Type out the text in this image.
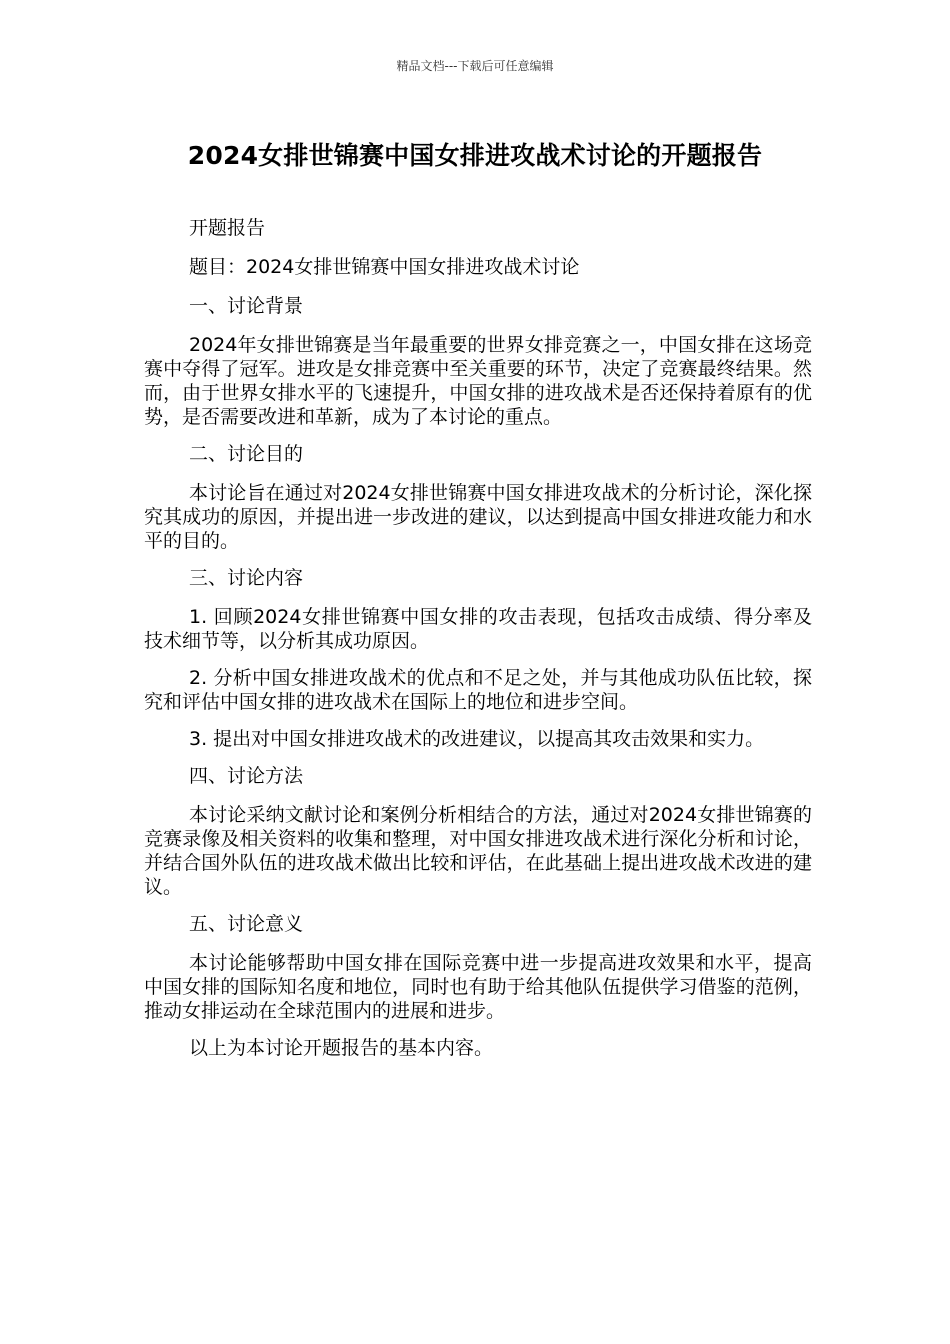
精品文档---下载后可任意编辑
2024女排世锦赛中国女排进攻战术讨论的开题报告

开题报告

题目：2024女排世锦赛中国女排进攻战术讨论

一、讨论背景

2024年女排世锦赛是当年最重要的世界女排竞赛之一，中国女排在这场竞赛中夺得了冠军。进攻是女排竞赛中至关重要的环节，决定了竞赛最终结果。然而，由于世界女排水平的飞速提升，中国女排的进攻战术是否还保持着原有的优势，是否需要改进和革新，成为了本讨论的重点。

二、讨论目的

本讨论旨在通过对2024女排世锦赛中国女排进攻战术的分析讨论，深化探究其成功的原因，并提出进一步改进的建议，以达到提高中国女排进攻能力和水平的目的。

三、讨论内容

1. 回顾2024女排世锦赛中国女排的攻击表现，包括攻击成绩、得分率及技术细节等，以分析其成功原因。

2. 分析中国女排进攻战术的优点和不足之处，并与其他成功队伍比较，探究和评估中国女排的进攻战术在国际上的地位和进步空间。

3. 提出对中国女排进攻战术的改进建议，以提高其攻击效果和实力。

四、讨论方法

本讨论采纳文献讨论和案例分析相结合的方法，通过对2024女排世锦赛的竞赛录像及相关资料的收集和整理，对中国女排进攻战术进行深化分析和讨论，并结合国外队伍的进攻战术做出比较和评估，在此基础上提出进攻战术改进的建议。

五、讨论意义

本讨论能够帮助中国女排在国际竞赛中进一步提高进攻效果和水平，提高中国女排的国际知名度和地位，同时也有助于给其他队伍提供学习借鉴的范例，推动女排运动在全球范围内的进展和进步。

以上为本讨论开题报告的基本内容。
